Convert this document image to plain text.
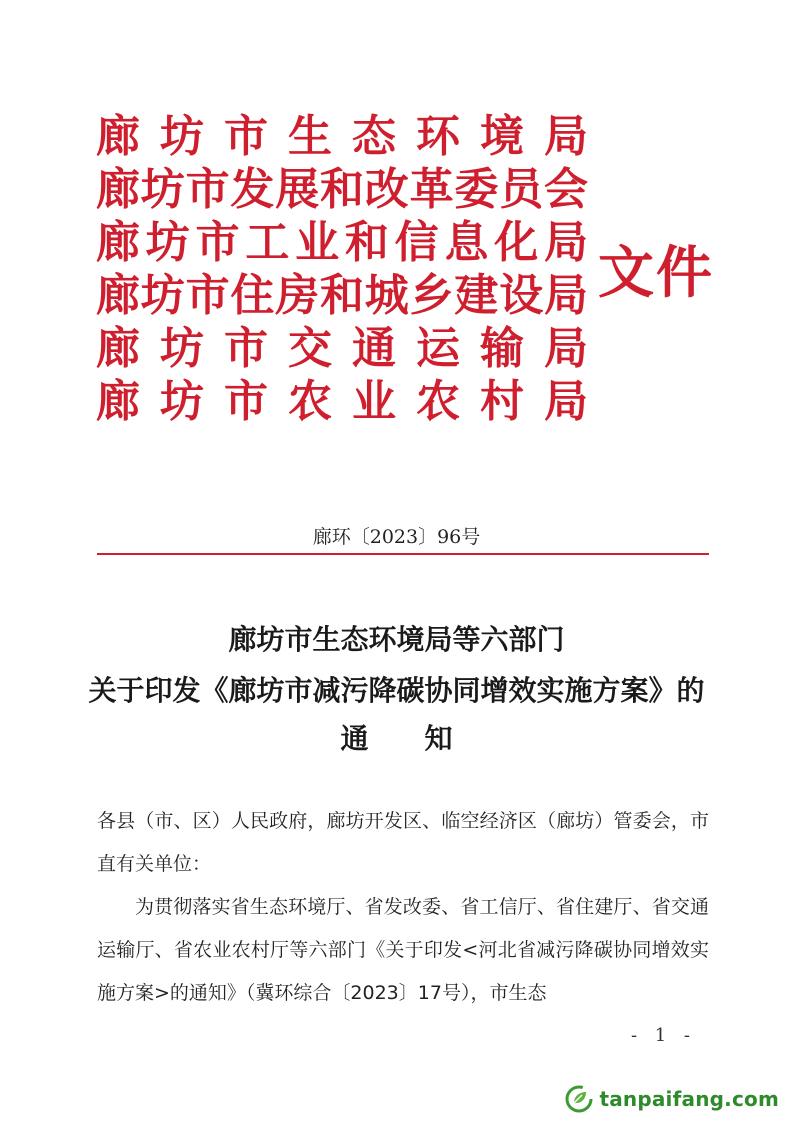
廊坊市生态环境局
廊坊市发展和改革委员会
廊坊市工业和信息化局
廊坊市住房和城乡建设局
廊坊市交通运输局
廊坊市农业农村局
文件
廊环〔2023〕96号
廊坊市生态环境局等六部门
关于印发《廊坊市减污降碳协同增效实施方案》的
通知

各县（市、区）人民政府，廊坊开发区、临空经济区（廊坊）管委会，市直有关单位：

为贯彻落实省生态环境厅、省发改委、省工信厅、省住建厅、省交通运输厅、省农业农村厅等六部门《关于印发<河北省减污降碳协同增效实施方案>的通知》（冀环综合〔2023〕17号），市生态

- 1 -
tanpaifang.com
